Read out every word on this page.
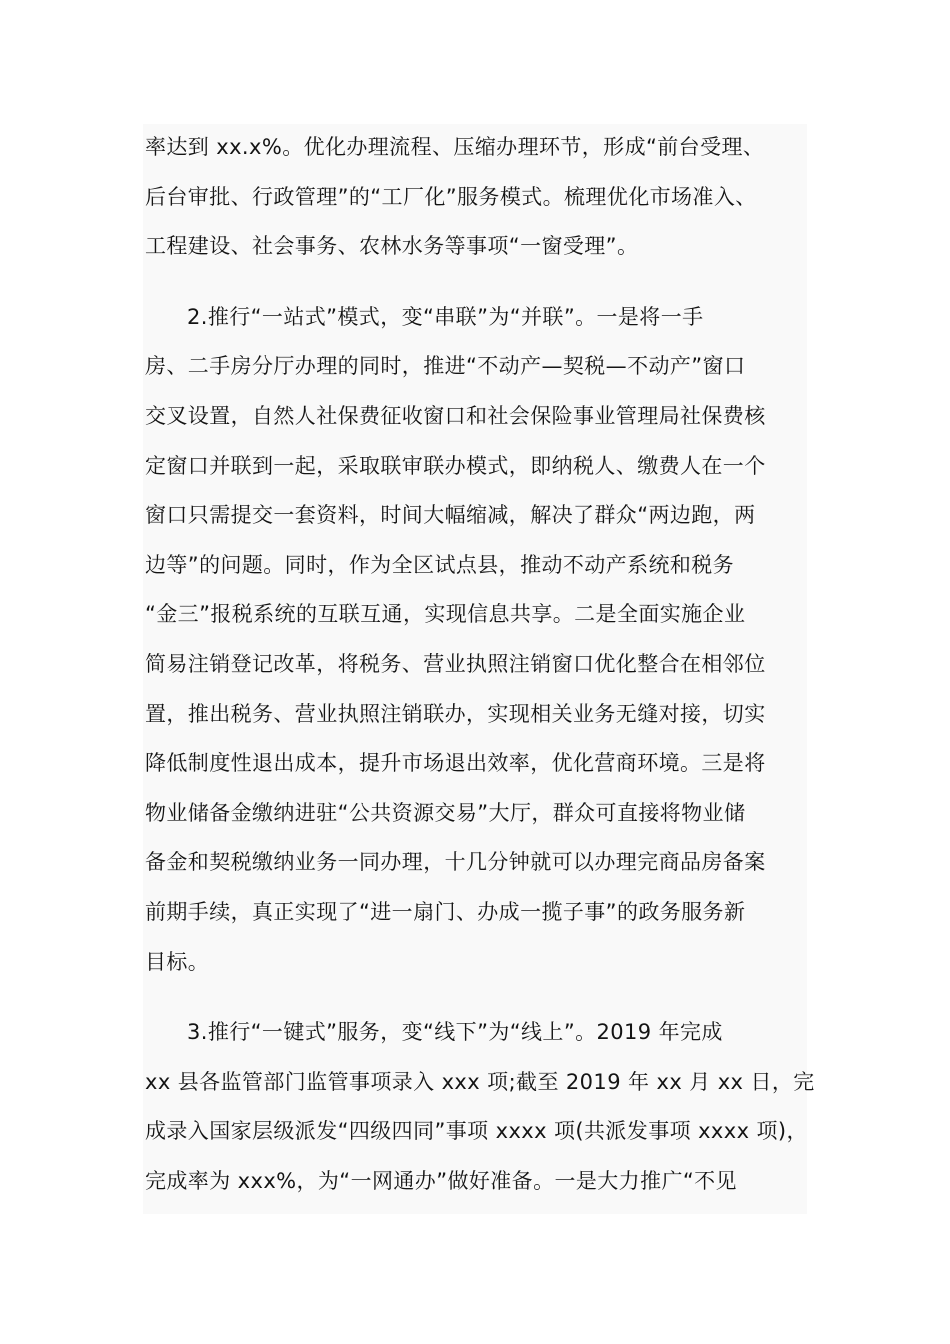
率达到 xx.x%。优化办理流程、压缩办理环节，形成“前台受理、
后台审批、行政管理”的“工厂化”服务模式。梳理优化市场准入、
工程建设、社会事务、农林水务等事项“一窗受理”。
2.推行“一站式”模式，变“串联”为“并联”。一是将一手
房、二手房分厅办理的同时，推进“不动产—契税—不动产”窗口
交叉设置，自然人社保费征收窗口和社会保险事业管理局社保费核
定窗口并联到一起，采取联审联办模式，即纳税人、缴费人在一个
窗口只需提交一套资料，时间大幅缩减，解决了群众“两边跑，两
边等”的问题。同时，作为全区试点县，推动不动产系统和税务
“金三”报税系统的互联互通，实现信息共享。二是全面实施企业
简易注销登记改革，将税务、营业执照注销窗口优化整合在相邻位
置，推出税务、营业执照注销联办，实现相关业务无缝对接，切实
降低制度性退出成本，提升市场退出效率，优化营商环境。三是将
物业储备金缴纳进驻“公共资源交易”大厅，群众可直接将物业储
备金和契税缴纳业务一同办理，十几分钟就可以办理完商品房备案
前期手续，真正实现了“进一扇门、办成一揽子事”的政务服务新
目标。
3.推行“一键式”服务，变“线下”为“线上”。2019 年完成
xx 县各监管部门监管事项录入 xxx 项;截至 2019 年 xx 月 xx 日，完
成录入国家层级派发“四级四同”事项 xxxx 项(共派发事项 xxxx 项)，
完成率为 xxx%，为“一网通办”做好准备。一是大力推广“不见
